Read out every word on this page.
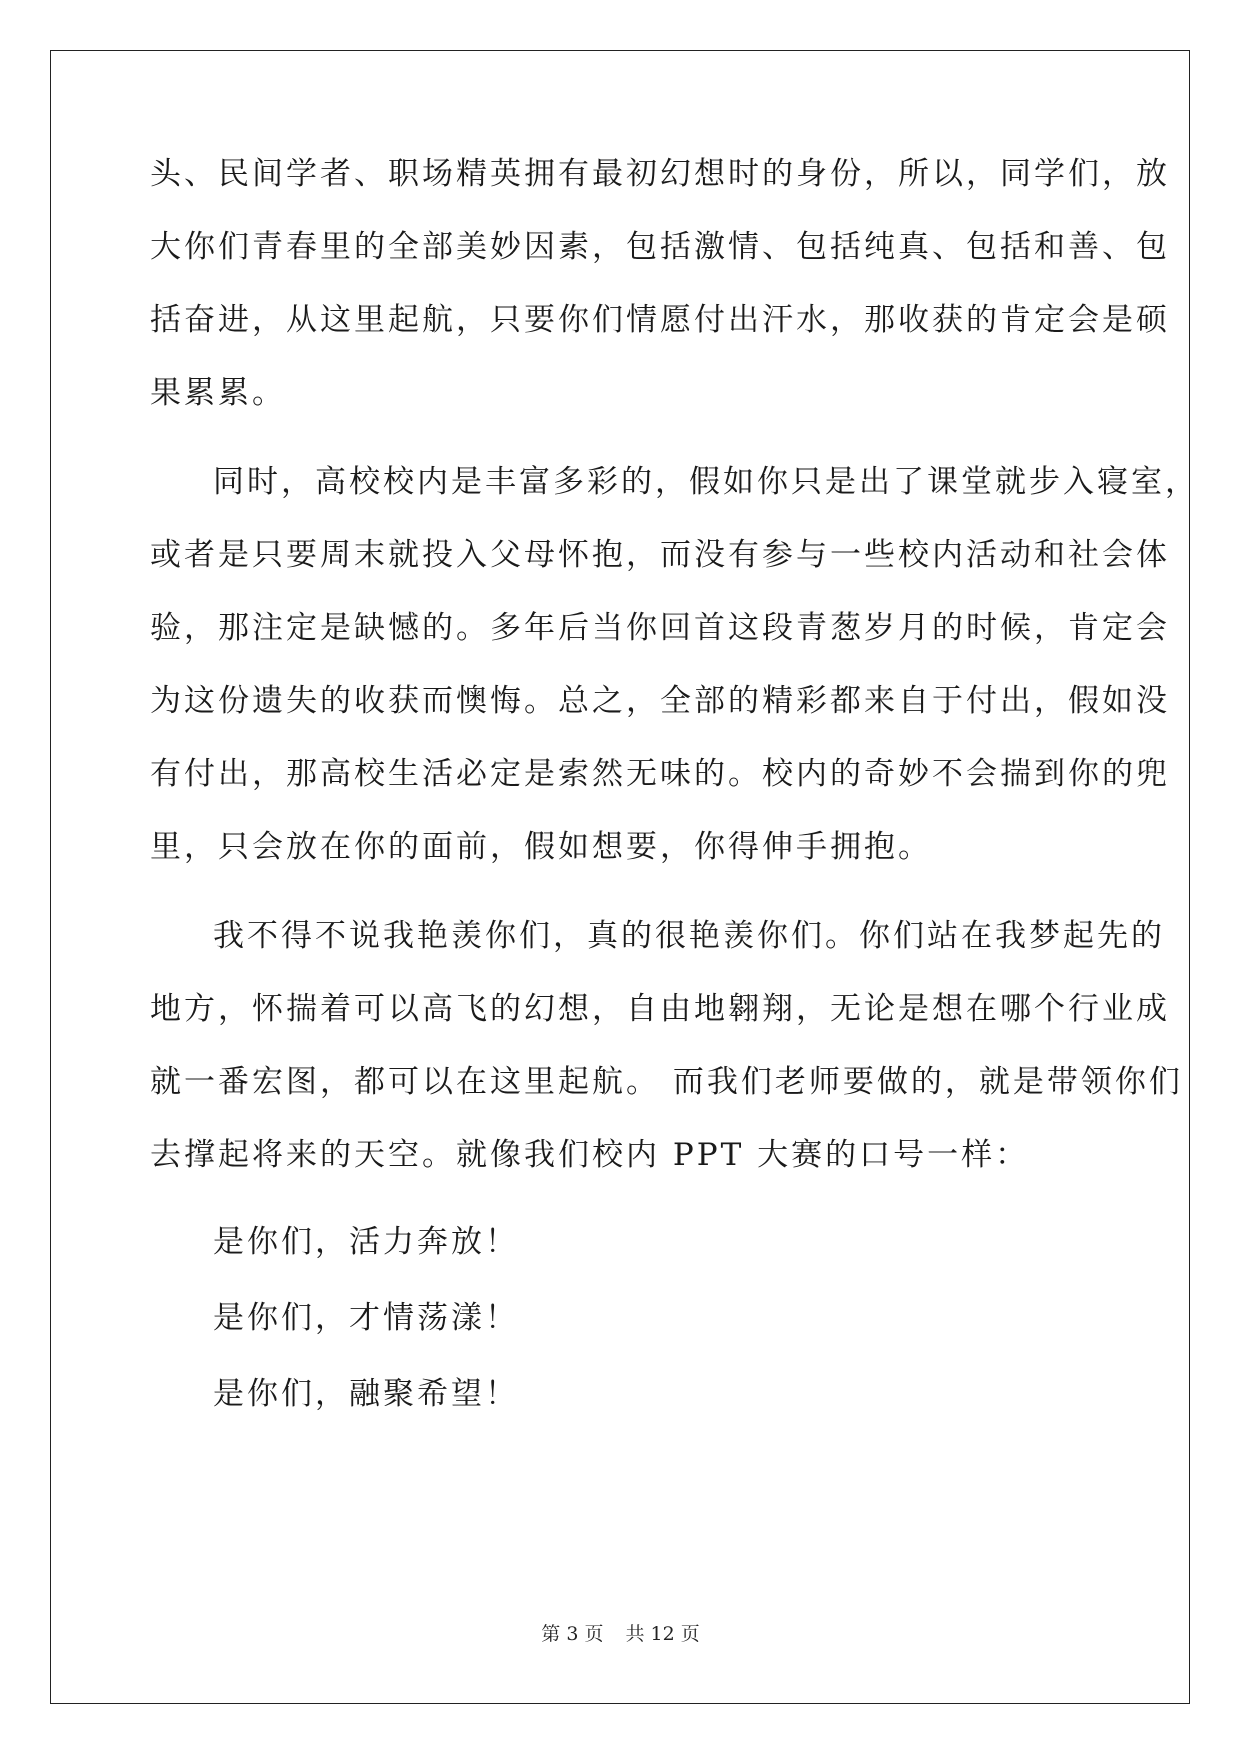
头、民间学者、职场精英拥有最初幻想时的身份，所以，同学们，放
大你们青春里的全部美妙因素，包括激情、包括纯真、包括和善、包
括奋进，从这里起航，只要你们情愿付出汗水，那收获的肯定会是硕
果累累。
同时，高校校内是丰富多彩的，假如你只是出了课堂就步入寝室，
或者是只要周末就投入父母怀抱，而没有参与一些校内活动和社会体
验，那注定是缺憾的。多年后当你回首这段青葱岁月的时候，肯定会
为这份遗失的收获而懊悔。总之，全部的精彩都来自于付出，假如没
有付出，那高校生活必定是索然无味的。校内的奇妙不会揣到你的兜
里，只会放在你的面前，假如想要，你得伸手拥抱。
我不得不说我艳羡你们，真的很艳羡你们。你们站在我梦起先的
地方，怀揣着可以高飞的幻想，自由地翱翔，无论是想在哪个行业成
就一番宏图，都可以在这里起航。 而我们老师要做的，就是带领你们
去撑起将来的天空。就像我们校内 PPT 大赛的口号一样：
是你们，活力奔放！
是你们，才情荡漾！
是你们，融聚希望！
第 3 页 共 12 页
